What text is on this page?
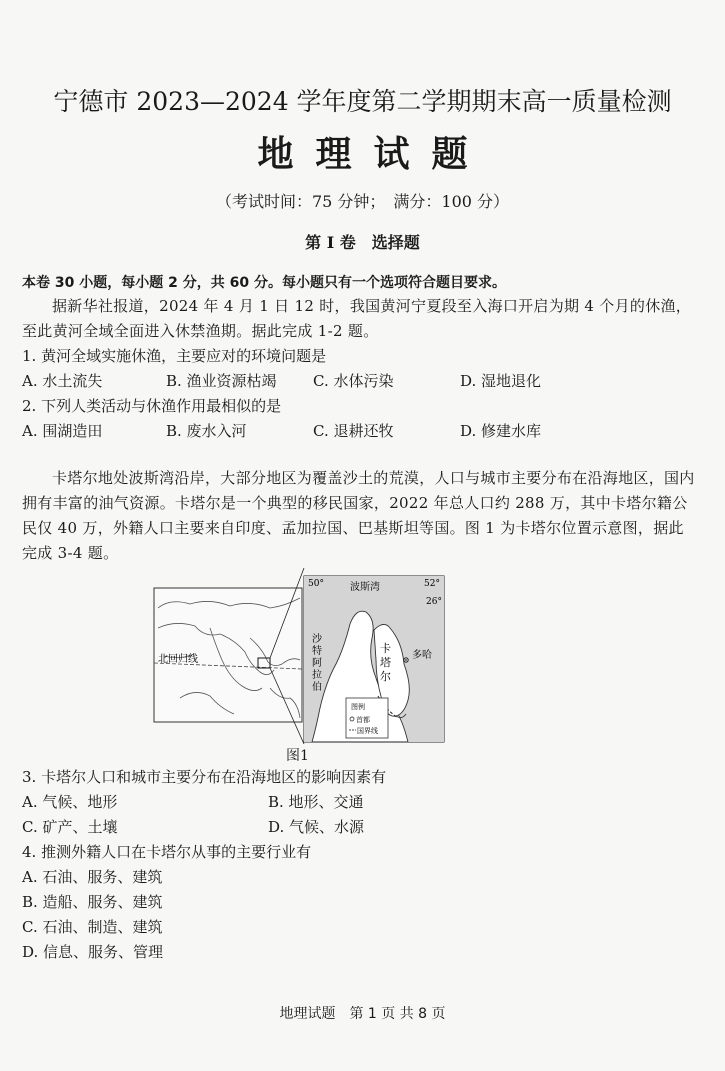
宁德市 2023—2024 学年度第二学期期末高一质量检测
地理试题
（考试时间：75 分钟；　满分：100 分）
第 Ⅰ 卷　选择题
本卷 30 小题，每小题 2 分，共 60 分。每小题只有一个选项符合题目要求。
据新华社报道，2024 年 4 月 1 日 12 时，我国黄河宁夏段至入海口开启为期 4 个月的休渔，至此黄河全域全面进入休禁渔期。据此完成 1-2 题。
1. 黄河全域实施休渔，主要应对的环境问题是
A. 水土流失	B. 渔业资源枯竭 C. 水体污染	D. 湿地退化
2. 下列人类活动与休渔作用最相似的是
A. 围湖造田	B. 废水入河	C. 退耕还牧	D. 修建水库
卡塔尔地处波斯湾沿岸，大部分地区为覆盖沙土的荒漠，人口与城市主要分布在沿海地区，国内拥有丰富的油气资源。卡塔尔是一个典型的移民国家，2022 年总人口约 288 万，其中卡塔尔籍公民仅 40 万，外籍人口主要来自印度、孟加拉国、巴基斯坦等国。图 1 为卡塔尔位置示意图，据此完成 3-4 题。
北回归线
50°	52°
26°
波斯湾
沙
特
阿
拉
伯
卡
塔
尔
多哈
图例
首都
国界线
图1
3. 卡塔尔人口和城市主要分布在沿海地区的影响因素有
A. 气候、地形	B. 地形、交通
C. 矿产、土壤	D. 气候、水源
4. 推测外籍人口在卡塔尔从事的主要行业有
A. 石油、服务、建筑
B. 造船、服务、建筑
C. 石油、制造、建筑
D. 信息、服务、管理
地理试题　第 1 页 共 8 页
